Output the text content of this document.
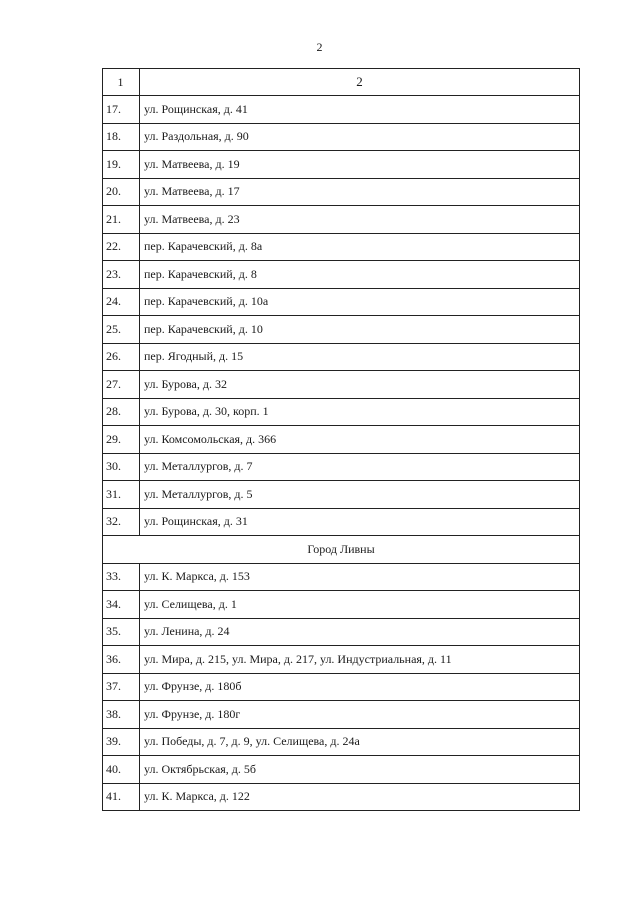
2
1	2
17.	ул. Рощинская, д. 41
18.	ул. Раздольная, д. 90
19.	ул. Матвеева, д. 19
20.	ул. Матвеева, д. 17
21.	ул. Матвеева, д. 23
22.	пер. Карачевский, д. 8а
23.	пер. Карачевский, д. 8
24.	пер. Карачевский, д. 10а
25.	пер. Карачевский, д. 10
26.	пер. Ягодный, д. 15
27.	ул. Бурова, д. 32
28.	ул. Бурова, д. 30, корп. 1
29.	ул. Комсомольская, д. 366
30.	ул. Металлургов, д. 7
31.	ул. Металлургов, д. 5
32.	ул. Рощинская, д. 31
Город Ливны	
33.	ул. К. Маркса, д. 153
34.	ул. Селищева, д. 1
35.	ул. Ленина, д. 24
36.	ул. Мира, д. 215, ул. Мира, д. 217, ул. Индустриальная, д. 11
37.	ул. Фрунзе, д. 180б
38.	ул. Фрунзе, д. 180г
39.	ул. Победы, д. 7, д. 9, ул. Селищева, д. 24а
40.	ул. Октябрьская, д. 5б
41.	ул. К. Маркса, д. 122
